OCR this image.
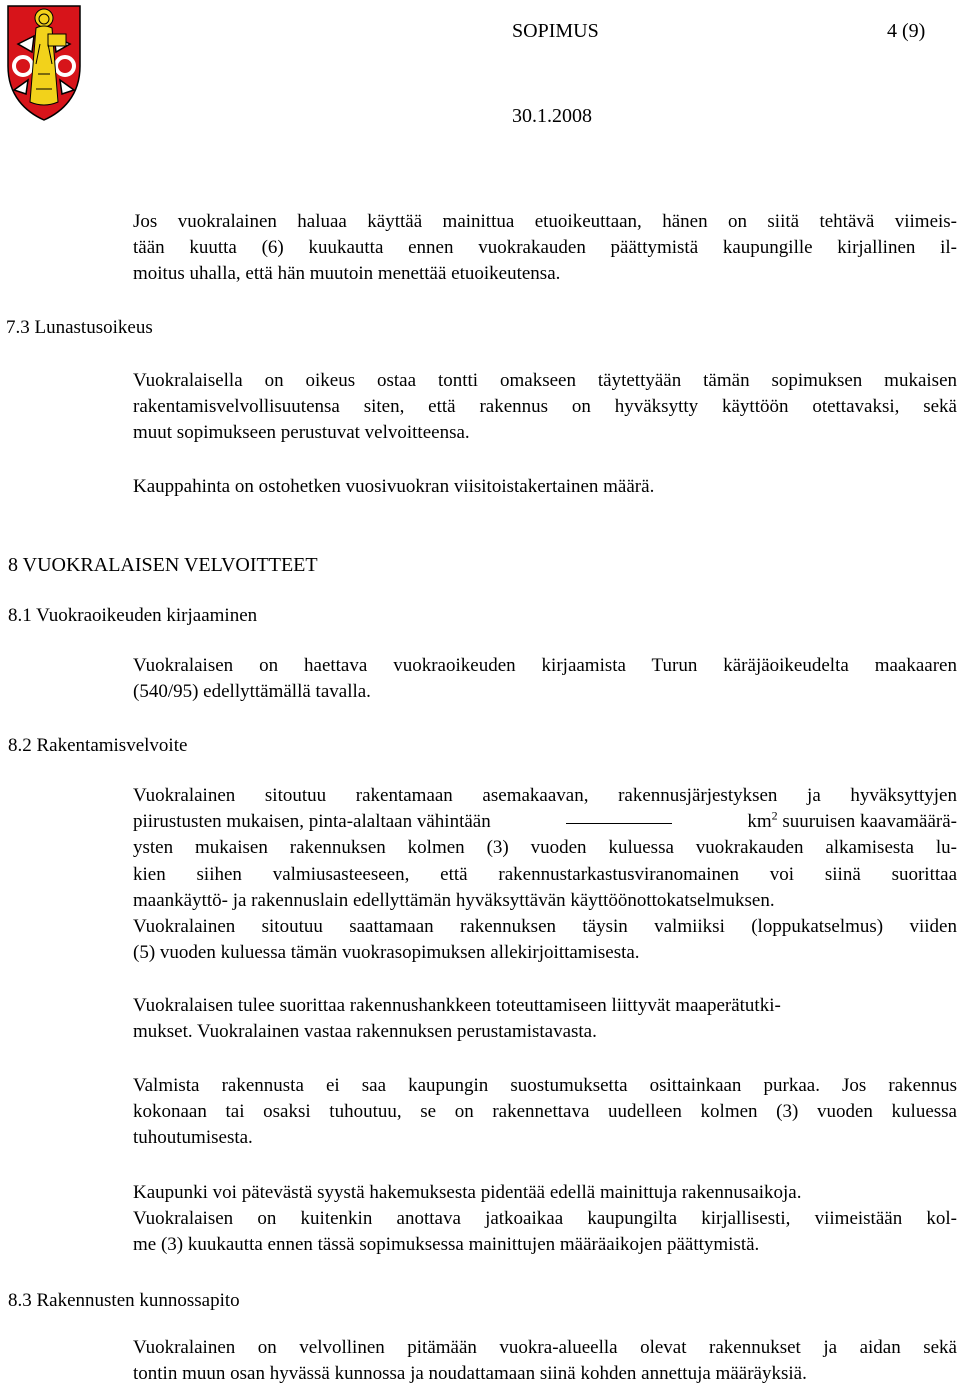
SOPIMUS	4 (9)
30.1.2008
Jos vuokralainen haluaa käyttää mainittua etuoikeuttaan, hänen on siitä tehtävä viimeis-
tään kuutta (6) kuukautta ennen vuokrakauden päättymistä kaupungille kirjallinen il-
moitus uhalla, että hän muutoin menettää etuoikeutensa.
7.3 Lunastusoikeus
Vuokralaisella on oikeus ostaa tontti omakseen täytettyään tämän sopimuksen mukaisen
rakentamisvelvollisuutensa siten, että rakennus on hyväksytty käyttöön otettavaksi, sekä
muut sopimukseen perustuvat velvoitteensa.
Kauppahinta on ostohetken vuosivuokran viisitoistakertainen määrä.
8 VUOKRALAISEN VELVOITTEET
8.1 Vuokraoikeuden kirjaaminen
Vuokralaisen on haettava vuokraoikeuden kirjaamista Turun käräjäoikeudelta maakaaren
(540/95) edellyttämällä tavalla.
8.2 Rakentamisvelvoite
Vuokralainen sitoutuu rakentamaan asemakaavan, rakennusjärjestyksen ja hyväksyttyjen
piirustusten mukaisen, pinta-alaltaan vähintään	$km^2$ suuruisen kaavamäärä-
ysten mukaisen rakennuksen kolmen (3) vuoden kuluessa vuokrakauden alkamisesta lu-
kien siihen valmiusasteeseen, että rakennustarkastusviranomainen voi siinä suorittaa
maankäyttö- ja rakennuslain edellyttämän hyväksyttävän käyttöönottokatselmuksen.
Vuokralainen sitoutuu saattamaan rakennuksen täysin valmiiksi (loppukatselmus) viiden
(5) vuoden kuluessa tämän vuokrasopimuksen allekirjoittamisesta.
Vuokralaisen tulee suorittaa rakennushankkeen toteuttamiseen liittyvät maaperätutki-
mukset. Vuokralainen vastaa rakennuksen perustamistavasta.
Valmista rakennusta ei saa kaupungin suostumuksetta osittainkaan purkaa. Jos rakennus
kokonaan tai osaksi tuhoutuu, se on rakennettava uudelleen kolmen (3) vuoden kuluessa
tuhoutumisesta.
Kaupunki voi pätevästä syystä hakemuksesta pidentää edellä mainittuja rakennusaikoja.
Vuokralaisen on kuitenkin anottava jatkoaikaa kaupungilta kirjallisesti, viimeistään kol-
me (3) kuukautta ennen tässä sopimuksessa mainittujen määräaikojen päättymistä.
8.3 Rakennusten kunnossapito
Vuokralainen on velvollinen pitämään vuokra-alueella olevat rakennukset ja aidan sekä
tontin muun osan hyvässä kunnossa ja noudattamaan siinä kohden annettuja määräyksiä.
